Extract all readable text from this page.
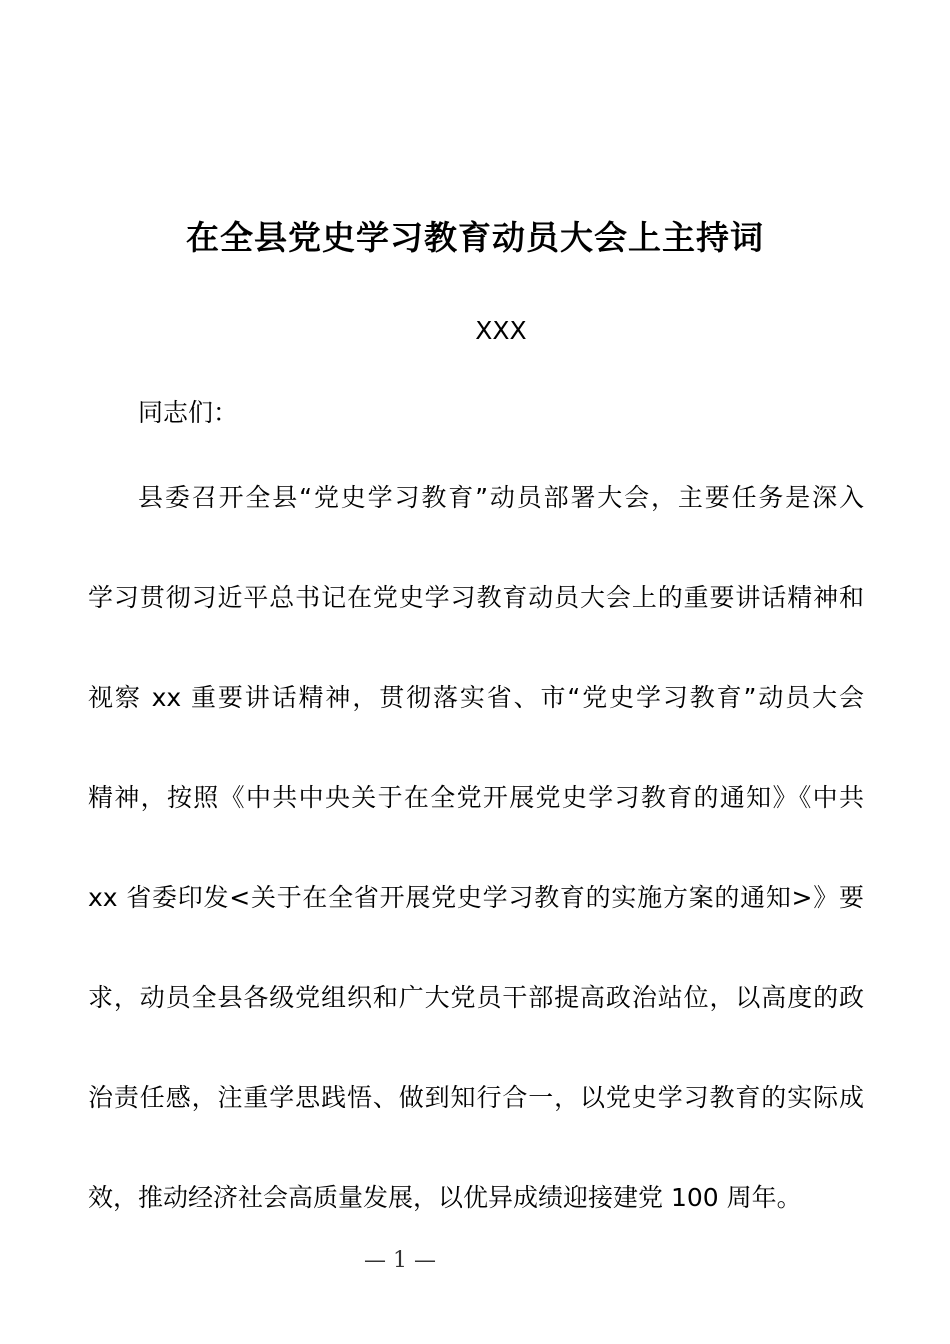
在全县党史学习教育动员大会上主持词
XXX
同志们：
县委召开全县“党史学习教育”动员部署大会，主要任务是深入
学习贯彻习近平总书记在党史学习教育动员大会上的重要讲话精神和
视察 xx 重要讲话精神，贯彻落实省、市“党史学习教育”动员大会
精神，按照《中共中央关于在全党开展党史学习教育的通知》《中共
xx 省委印发<关于在全省开展党史学习教育的实施方案的通知>》要
求，动员全县各级党组织和广大党员干部提高政治站位，以高度的政
治责任感，注重学思践悟、做到知行合一，以党史学习教育的实际成
效，推动经济社会高质量发展，以优异成绩迎接建党 100 周年。
— 1 —
